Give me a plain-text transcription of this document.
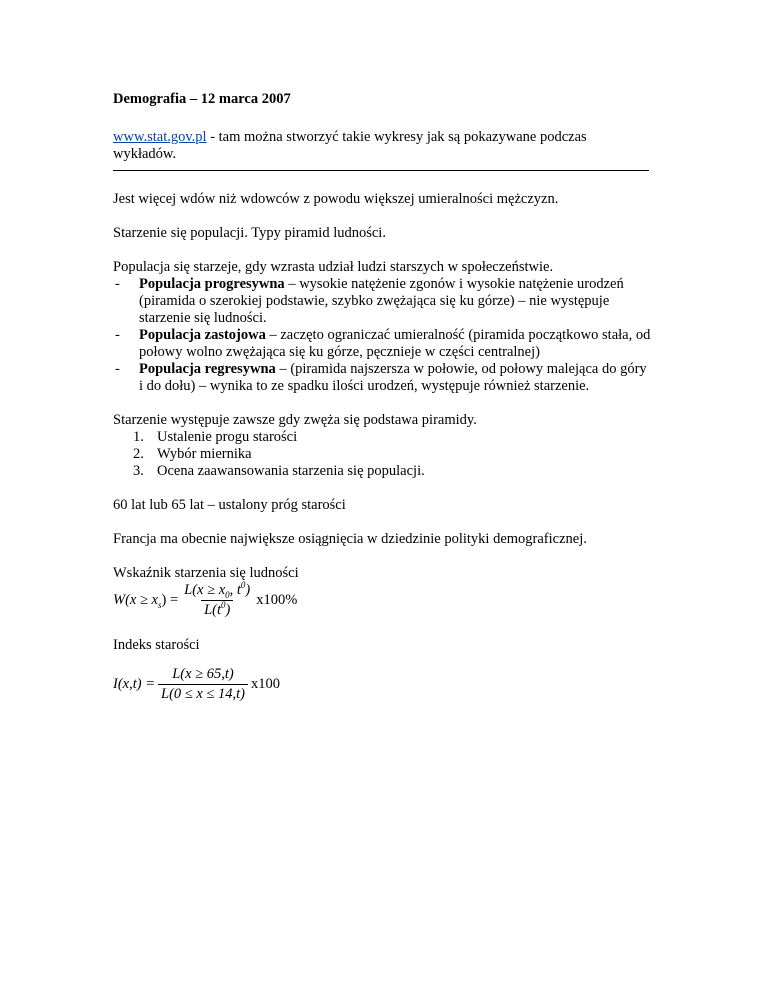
Demografia – 12 marca 2007

www.stat.gov.pl - tam można stworzyć takie wykresy jak są pokazywane podczas wykładów.

Jest więcej wdów niż wdowców z powodu większej umieralności mężczyzn.

Starzenie się populacji. Typy piramid ludności.

Populacja się starzeje, gdy wzrasta udział ludzi starszych w społeczeństwie.

- Populacja progresywna – wysokie natężenie zgonów i wysokie natężenie urodzeń (piramida o szerokiej podstawie, szybko zwężająca się ku górze) – nie występuje starzenie się ludności.
- Populacja zastojowa – zaczęto ograniczać umieralność (piramida początkowo stała, od połowy wolno zwężająca się ku górze, pęcznieje w części centralnej)
- Populacja regresywna – (piramida najszersza w połowie, od połowy malejąca do góry i do dołu) – wynika to ze spadku ilości urodzeń, występuje również starzenie.

Starzenie występuje zawsze gdy zwęża się podstawa piramidy.

1. Ustalenie progu starości
2. Wybór miernika
3. Ocena zaawansowania starzenia się populacji.

60 lat lub 65 lat – ustalony próg starości

Francja ma obecnie największe osiągnięcia w dziedzinie polityki demograficznej.

Wskaźnik starzenia się ludności

$W(x \ge x_s) = \frac{L(x \ge x_0, t^0)}{L(t^0)} x100\%$

Indeks starości

$I(x,t) = \frac{L(x \ge 65,t)}{L(0 \le x \le 14,t)} x100$
